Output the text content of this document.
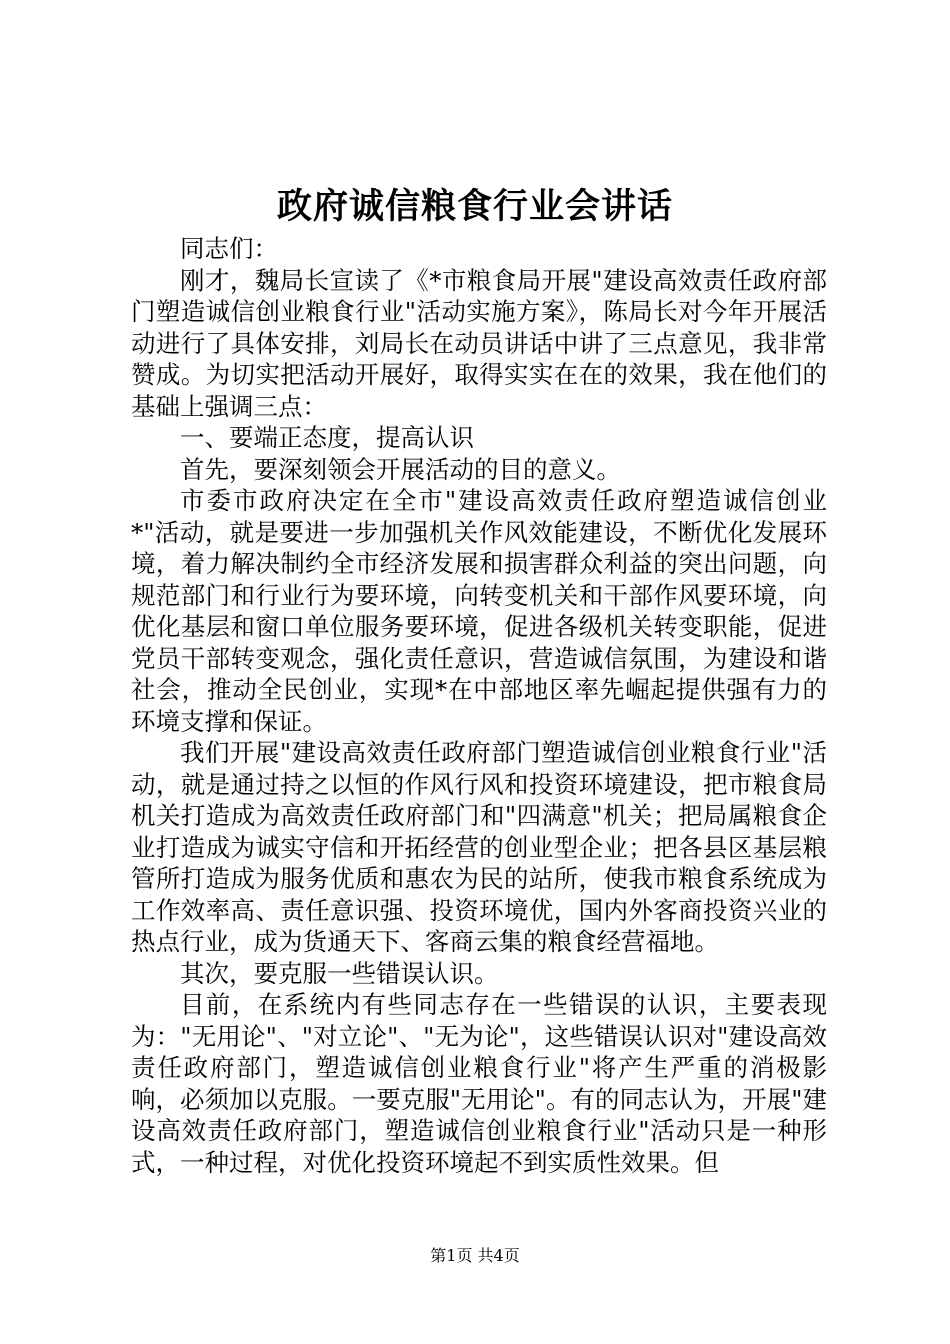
政府诚信粮食行业会讲话

同志们：

刚才，魏局长宣读了《*市粮食局开展"建设高效责任政府部门塑造诚信创业粮食行业"活动实施方案》，陈局长对今年开展活动进行了具体安排，刘局长在动员讲话中讲了三点意见，我非常赞成。为切实把活动开展好，取得实实在在的效果，我在他们的基础上强调三点：

一、要端正态度，提高认识

首先，要深刻领会开展活动的目的意义。

市委市政府决定在全市"建设高效责任政府塑造诚信创业*"活动，就是要进一步加强机关作风效能建设，不断优化发展环境，着力解决制约全市经济发展和损害群众利益的突出问题，向规范部门和行业行为要环境，向转变机关和干部作风要环境，向优化基层和窗口单位服务要环境，促进各级机关转变职能，促进党员干部转变观念，强化责任意识，营造诚信氛围，为建设和谐社会，推动全民创业，实现*在中部地区率先崛起提供强有力的环境支撑和保证。

我们开展"建设高效责任政府部门塑造诚信创业粮食行业"活动，就是通过持之以恒的作风行风和投资环境建设，把市粮食局机关打造成为高效责任政府部门和"四满意"机关；把局属粮食企业打造成为诚实守信和开拓经营的创业型企业；把各县区基层粮管所打造成为服务优质和惠农为民的站所，使我市粮食系统成为工作效率高、责任意识强、投资环境优，国内外客商投资兴业的热点行业，成为货通天下、客商云集的粮食经营福地。

其次，要克服一些错误认识。

目前，在系统内有些同志存在一些错误的认识，主要表现为："无用论"、"对立论"、"无为论"，这些错误认识对"建设高效责任政府部门，塑造诚信创业粮食行业"将产生严重的消极影响，必须加以克服。一要克服"无用论"。有的同志认为，开展"建设高效责任政府部门，塑造诚信创业粮食行业"活动只是一种形式，一种过程，对优化投资环境起不到实质性效果。但

第1页 共4页
